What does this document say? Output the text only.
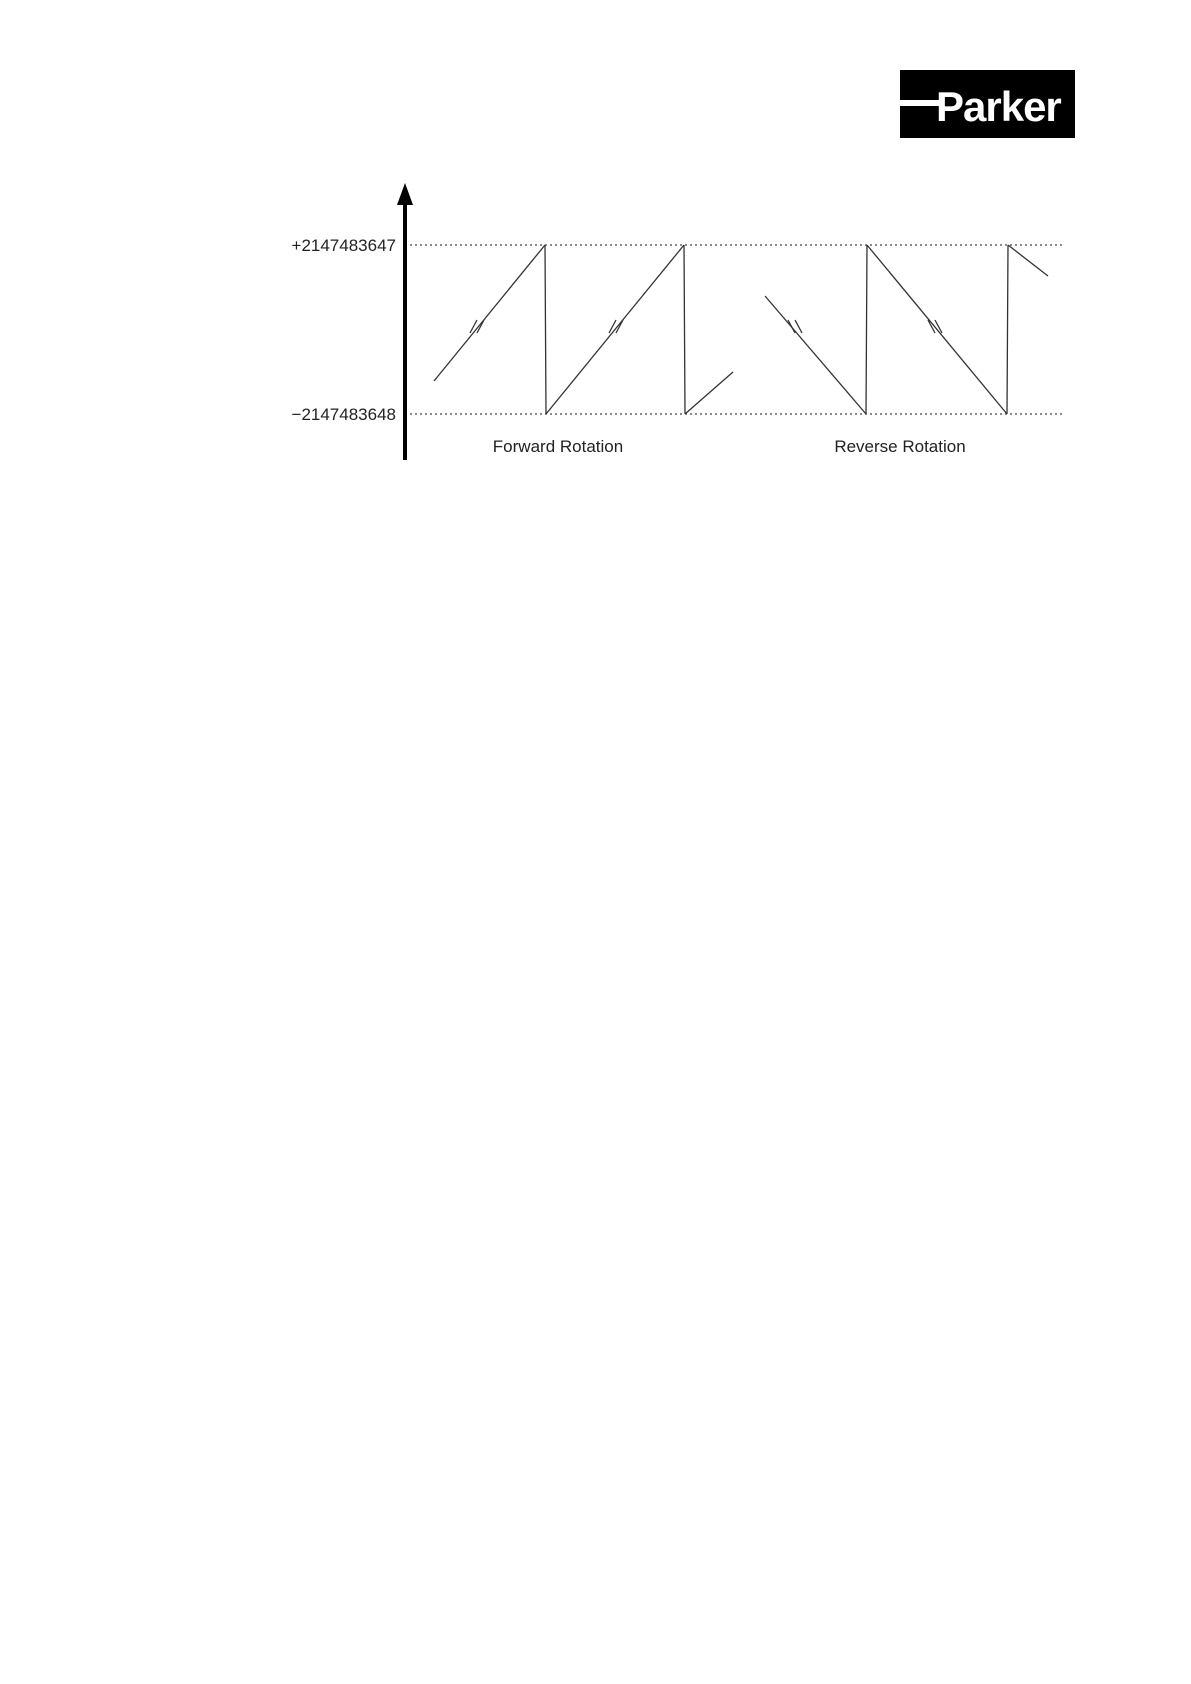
Parker
+2147483647
−2147483648
Forward Rotation	Reverse Rotation
